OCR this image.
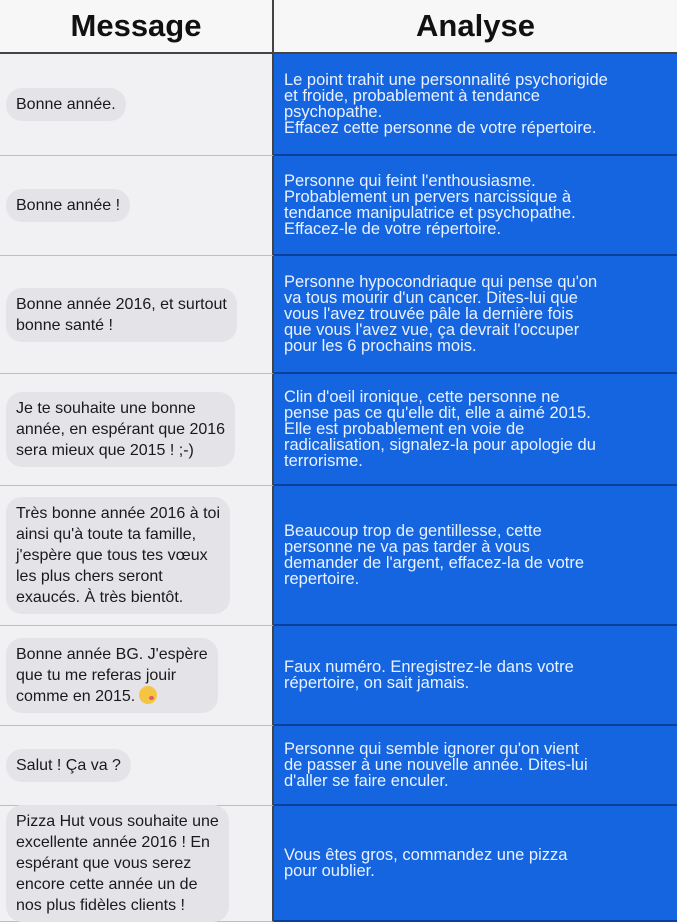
Message	Analyse
Bonne année.
Le point trahit une personnalité psychorigide
et froide, probablement à tendance
psychopathe.
Effacez cette personne de votre répertoire.
Bonne année !
Personne qui feint l'enthousiasme.
Probablement un pervers narcissique à
tendance manipulatrice et psychopathe.
Effacez-le de votre répertoire.
Bonne année 2016, et surtout
bonne santé !
Personne hypocondriaque qui pense qu'on
va tous mourir d'un cancer. Dites-lui que
vous l'avez trouvée pâle la dernière fois
que vous l'avez vue, ça devrait l'occuper
pour les 6 prochains mois.
Je te souhaite une bonne
année, en espérant que 2016
sera mieux que 2015 ! ;-)
Clin d'oeil ironique, cette personne ne
pense pas ce qu'elle dit, elle a aimé 2015.
Elle est probablement en voie de
radicalisation, signalez-la pour apologie du
terrorisme.
Très bonne année 2016 à toi
ainsi qu'à toute ta famille,
j'espère que tous tes vœux
les plus chers seront
exaucés. À très bientôt.
Beaucoup trop de gentillesse, cette
personne ne va pas tarder à vous
demander de l'argent, effacez-la de votre
repertoire.
Bonne année BG. J'espère
que tu me referas jouir
comme en 2015.
Faux numéro. Enregistrez-le dans votre
répertoire, on sait jamais.
Salut ! Ça va ?
Personne qui semble ignorer qu'on vient
de passer à une nouvelle année. Dites-lui
d'aller se faire enculer.
Pizza Hut vous souhaite une
excellente année 2016 ! En
espérant que vous serez
encore cette année un de
nos plus fidèles clients !
Vous êtes gros, commandez une pizza
pour oublier.
